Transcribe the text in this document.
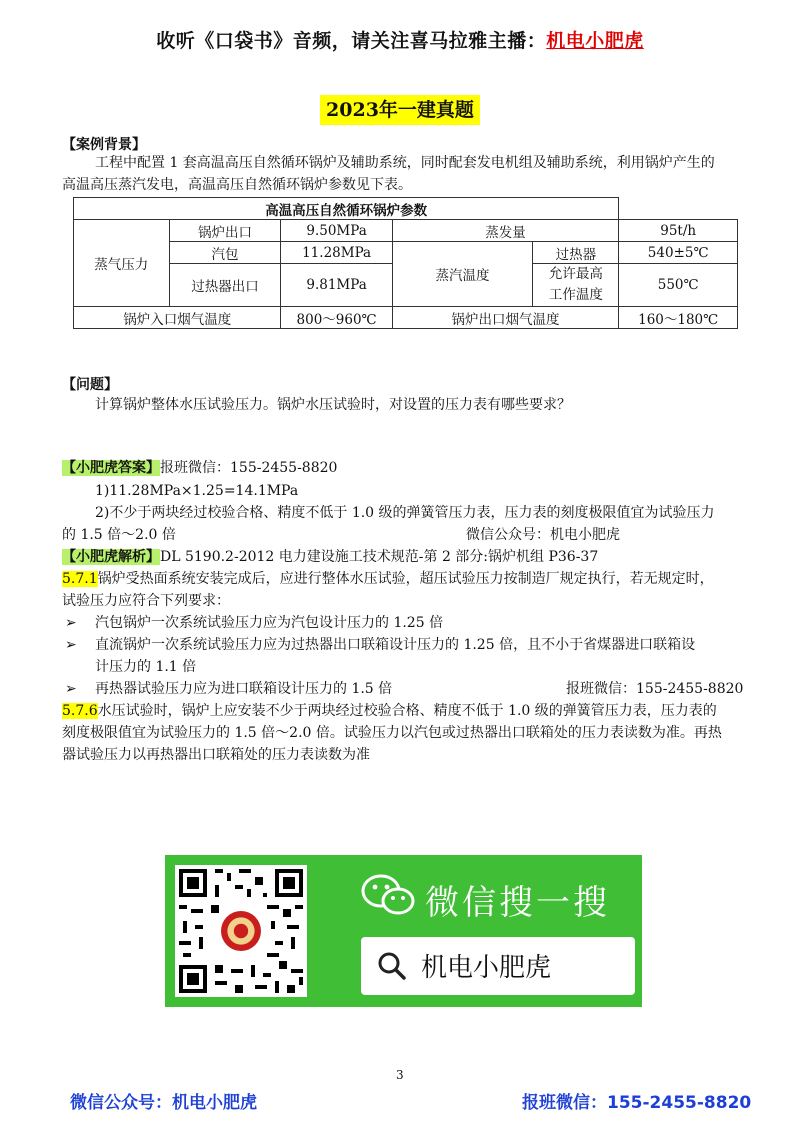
收听《口袋书》音频，请关注喜马拉雅主播：机电小肥虎
2023年一建真题
【案例背景】
工程中配置 1 套高温高压自然循环锅炉及辅助系统，同时配套发电机组及辅助系统，利用锅炉产生的
高温高压蒸汽发电，高温高压自然循环锅炉参数见下表。
高温高压自然循环锅炉参数					
蒸气压力	锅炉出口	9.50MPa	蒸发量		95t/h
	汽包	11.28MPa	蒸汽温度	过热器	540±5℃
	过热器出口	9.81MPa		允许最高
工作温度	550℃
锅炉入口烟气温度		800～960℃	锅炉出口烟气温度		160～180℃
【问题】
计算锅炉整体水压试验压力。锅炉水压试验时，对设置的压力表有哪些要求？
【小肥虎答案】报班微信：155-2455-8820
1)11.28MPa×1.25=14.1MPa
2)不少于两块经过校验合格、精度不低于 1.0 级的弹簧管压力表，压力表的刻度极限值宜为试验压力
的 1.5 倍～2.0 倍	微信公众号：机电小肥虎
【小肥虎解析】DL 5190.2-2012 电力建设施工技术规范-第 2 部分:锅炉机组 P36-37
5.7.1锅炉受热面系统安装完成后，应进行整体水压试验，超压试验压力按制造厂规定执行，若无规定时，
试验压力应符合下列要求：
➢ 汽包锅炉一次系统试验压力应为汽包设计压力的 1.25 倍
➢ 直流锅炉一次系统试验压力应为过热器出口联箱设计压力的 1.25 倍，且不小于省煤器进口联箱设
计压力的 1.1 倍
➢ 再热器试验压力应为进口联箱设计压力的 1.5 倍	报班微信：155-2455-8820
5.7.6水压试验时，锅炉上应安装不少于两块经过校验合格、精度不低于 1.0 级的弹簧管压力表，压力表的
刻度极限值宜为试验压力的 1.5 倍～2.0 倍。试验压力以汽包或过热器出口联箱处的压力表读数为准。再热
器试验压力以再热器出口联箱处的压力表读数为准
微信搜一搜
机电小肥虎
3
微信公众号：机电小肥虎	报班微信：155-2455-8820
